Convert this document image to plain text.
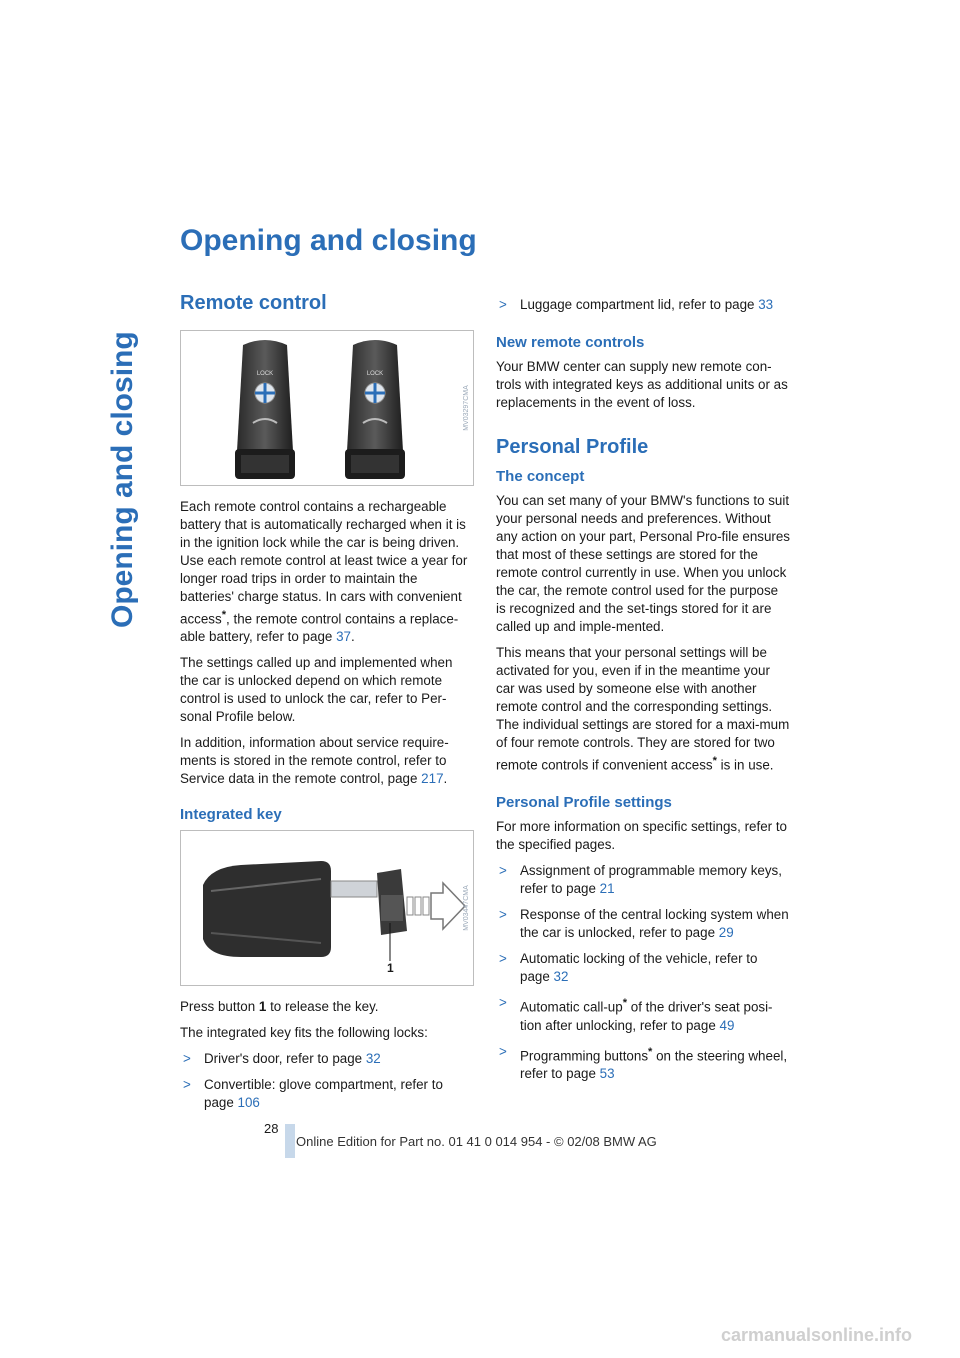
Opening and closing
Opening and closing
Remote control
LOCK	LOCK
MV03297CMA

Each remote control contains a rechargeable battery that is automatically recharged when it is in the ignition lock while the car is being driven. Use each remote control at least twice a year for longer road trips in order to maintain the batteries' charge status. In cars with convenient access*, the remote control contains a replace-able battery, refer to page 37.

The settings called up and implemented when the car is unlocked depend on which remote control is used to unlock the car, refer to Per-sonal Profile below.

In addition, information about service require-ments is stored in the remote control, refer to Service data in the remote control, page 217.

Integrated key
1
MV03447CMA

Press button 1 to release the key.

The integrated key fits the following locks:

> Driver's door, refer to page 32
> Convertible: glove compartment, refer to page 106
> Luggage compartment lid, refer to page 33
New remote controls

Your BMW center can supply new remote con-trols with integrated keys as additional units or as replacements in the event of loss.

Personal Profile
The concept

You can set many of your BMW's functions to suit your personal needs and preferences. Without any action on your part, Personal Pro-file ensures that most of these settings are stored for the remote control currently in use. When you unlock the car, the remote control used for the purpose is recognized and the set-tings stored for it are called up and imple-mented.

This means that your personal settings will be activated for you, even if in the meantime your car was used by someone else with another remote control and the corresponding settings. The individual settings are stored for a maxi-mum of four remote controls. They are stored for two remote controls if convenient access* is in use.

Personal Profile settings

For more information on specific settings, refer to the specified pages.

> Assignment of programmable memory keys, refer to page 21
> Response of the central locking system when the car is unlocked, refer to page 29
> Automatic locking of the vehicle, refer to page 32
> Automatic call-up* of the driver's seat posi-tion after unlocking, refer to page 49
> Programming buttons* on the steering wheel, refer to page 53
28
Online Edition for Part no. 01 41 0 014 954 - © 02/08 BMW AG
carmanualsonline.info
